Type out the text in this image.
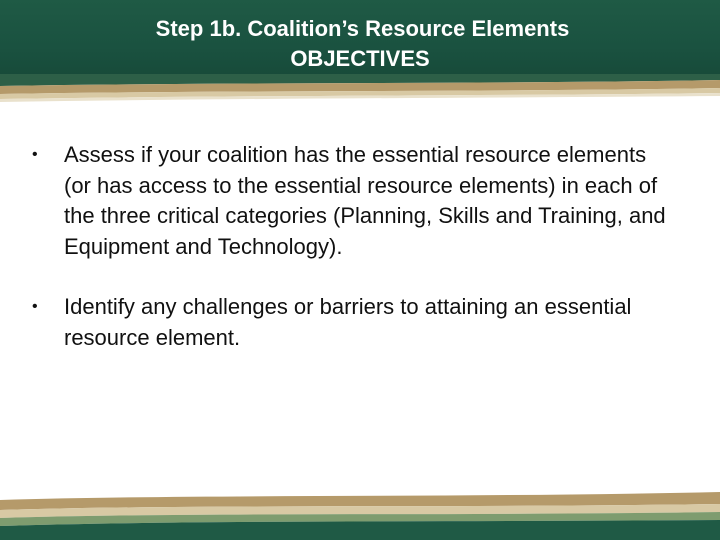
Step 1b. Coalition’s Resource Elements
OBJECTIVES
• Assess if your coalition has the essential resource elements (or has access to the essential resource elements) in each of the three critical categories (Planning, Skills and Training, and Equipment and Technology).
• Identify any challenges or barriers to attaining an essential resource element.
